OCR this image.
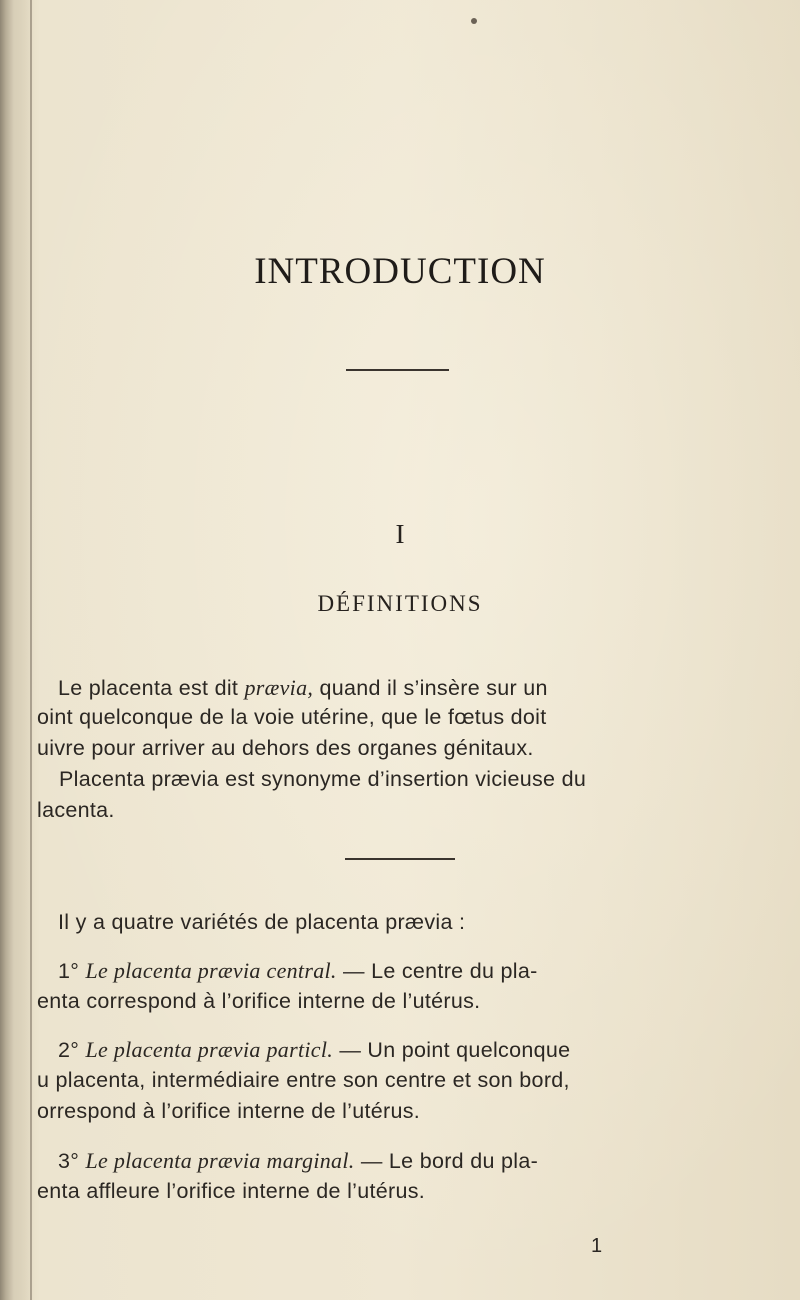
INTRODUCTION
I
DÉFINITIONS
Le placenta est dit prævia, quand il s’insère sur un
oint quelconque de la voie utérine, que le fœtus doit
uivre pour arriver au dehors des organes génitaux.
Placenta prævia est synonyme d’insertion vicieuse du
lacenta.
Il y a quatre variétés de placenta prævia :
1° Le placenta prævia central. — Le centre du pla-
enta correspond à l’orifice interne de l’utérus.
2° Le placenta prævia particl. — Un point quelconque
u placenta, intermédiaire entre son centre et son bord,
orrespond à l’orifice interne de l’utérus.
3° Le placenta prævia marginal. — Le bord du pla-
enta affleure l’orifice interne de l’utérus.
1
